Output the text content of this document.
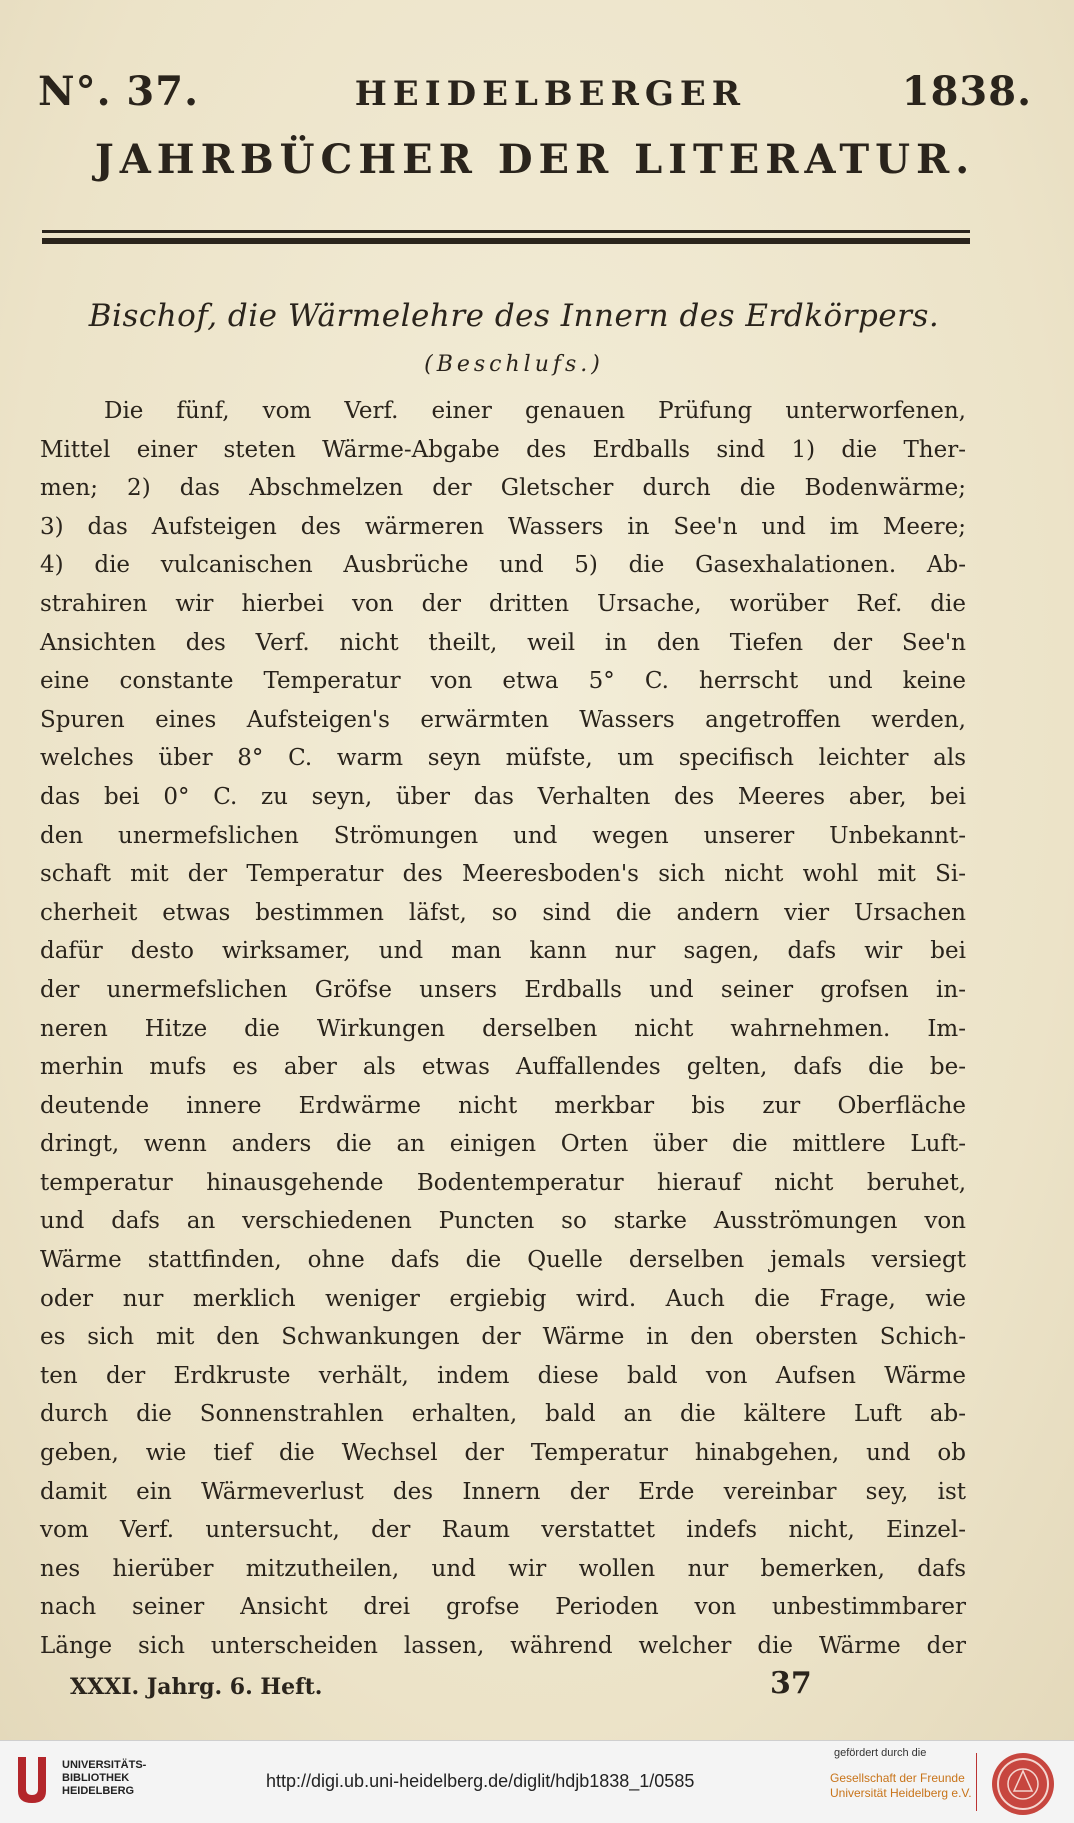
N°. 37.	HEIDELBERGER	1838.
JAHRBÜCHER DER LITERATUR.
Bischof, die Wärmelehre des Innern des Erdkörpers.
(Beschlufs.)
Die fünf, vom Verf. einer genauen Prüfung unterworfenen,
Mittel einer steten Wärme-Abgabe des Erdballs sind 1) die Ther-
men; 2) das Abschmelzen der Gletscher durch die Bodenwärme;
3) das Aufsteigen des wärmeren Wassers in See'n und im Meere;
4) die vulcanischen Ausbrüche und 5) die Gasexhalationen. Ab-
strahiren wir hierbei von der dritten Ursache, worüber Ref. die
Ansichten des Verf. nicht theilt, weil in den Tiefen der See'n
eine constante Temperatur von etwa 5° C. herrscht und keine
Spuren eines Aufsteigen's erwärmten Wassers angetroffen werden,
welches über 8° C. warm seyn müfste, um specifisch leichter als
das bei 0° C. zu seyn, über das Verhalten des Meeres aber, bei
den unermefslichen Strömungen und wegen unserer Unbekannt-
schaft mit der Temperatur des Meeresboden's sich nicht wohl mit Si-
cherheit etwas bestimmen läfst, so sind die andern vier Ursachen
dafür desto wirksamer, und man kann nur sagen, dafs wir bei
der unermefslichen Gröfse unsers Erdballs und seiner grofsen in-
neren Hitze die Wirkungen derselben nicht wahrnehmen. Im-
merhin mufs es aber als etwas Auffallendes gelten, dafs die be-
deutende innere Erdwärme nicht merkbar bis zur Oberfläche
dringt, wenn anders die an einigen Orten über die mittlere Luft-
temperatur hinausgehende Bodentemperatur hierauf nicht beruhet,
und dafs an verschiedenen Puncten so starke Ausströmungen von
Wärme stattfinden, ohne dafs die Quelle derselben jemals versiegt
oder nur merklich weniger ergiebig wird. Auch die Frage, wie
es sich mit den Schwankungen der Wärme in den obersten Schich-
ten der Erdkruste verhält, indem diese bald von Aufsen Wärme
durch die Sonnenstrahlen erhalten, bald an die kältere Luft ab-
geben, wie tief die Wechsel der Temperatur hinabgehen, und ob
damit ein Wärmeverlust des Innern der Erde vereinbar sey, ist
vom Verf. untersucht, der Raum verstattet indefs nicht, Einzel-
nes hierüber mitzutheilen, und wir wollen nur bemerken, dafs
nach seiner Ansicht drei grofse Perioden von unbestimmbarer
Länge sich unterscheiden lassen, während welcher die Wärme der
XXXI. Jahrg. 6. Heft.	37
UNIVERSITÄTS-
BIBLIOTHEK
HEIDELBERG	http://digi.ub.uni-heidelberg.de/diglit/hdjb1838_1/0585
gefördert durch die
Gesellschaft der Freunde
Universität Heidelberg e.V.
